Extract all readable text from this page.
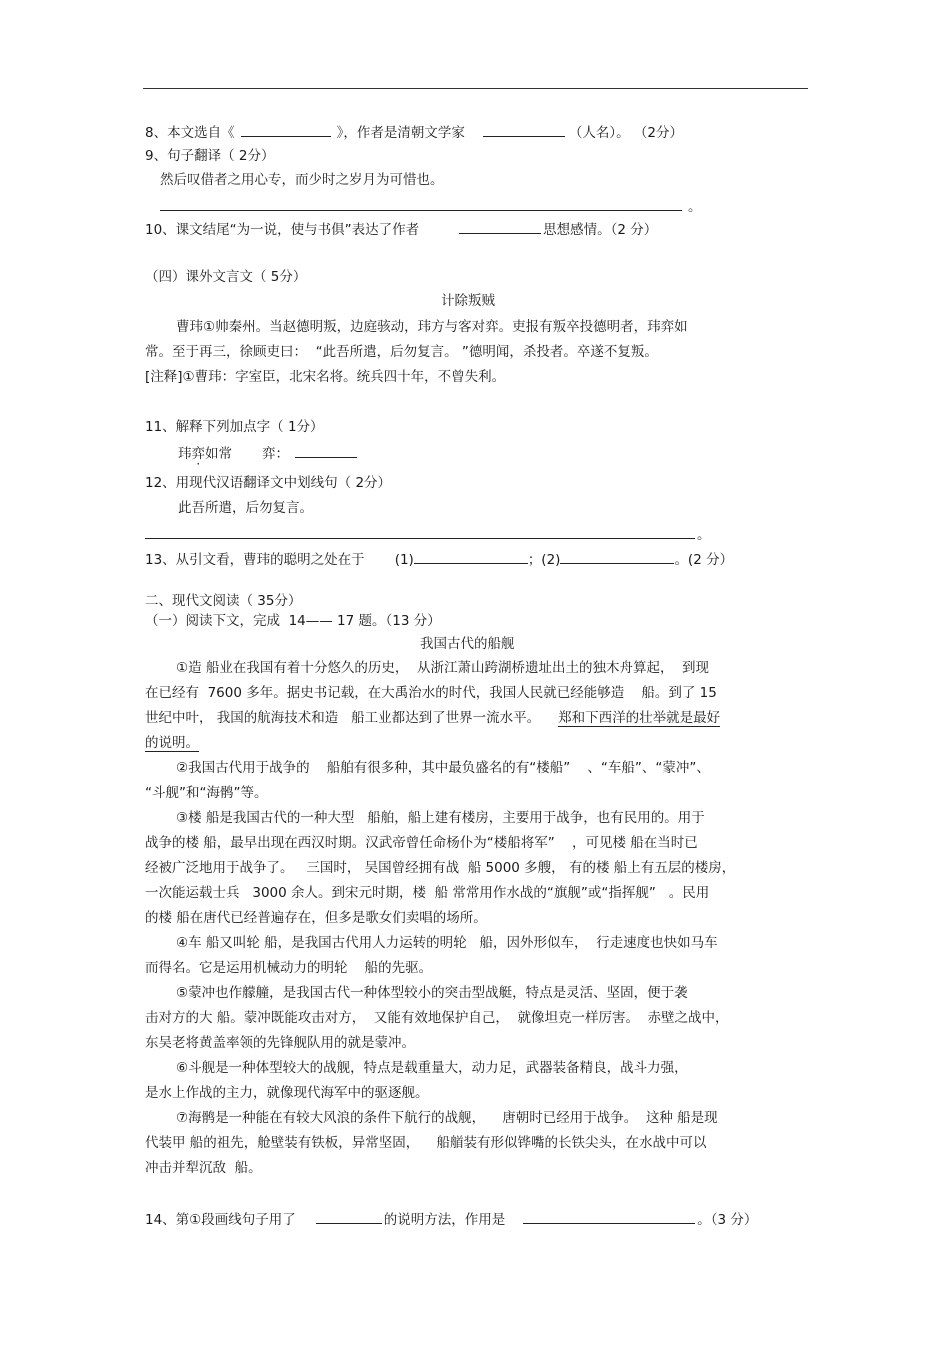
8、本文选自《	》，作者是清朝文学家	（人名）。 （2分）
9、句子翻译（ 2分）
然后叹借者之用心专，而少时之岁月为可惜也。
。
10、课文结尾“为一说，使与书俱”表达了作者	思想感情。（2 分）
（四）课外文言文（ 5分）
计除叛贼
曹玮①帅秦州。当赵德明叛，边庭骇动，玮方与客对弈。吏报有叛卒投德明者，玮弈如
常。至于再三，徐顾吏曰：  “此吾所遣，后勿复言。 ”德明闻，杀投者。卒遂不复叛。
[注释]①曹玮：字室臣，北宋名将。统兵四十年，不曾失利。
11、解释下列加点字（ 1分）
玮弈如常 弈：
12、用现代汉语翻译文中划线句（ 2分）
此吾所遣，后勿复言。
。
13、从引文看，曹玮的聪明之处在于 (1)	；(2)	。(2 分）
二、现代文阅读（ 35分）
（一）阅读下文，完成  14—— 17 题。（13 分）
我国古代的船舰
①造 船业在我国有着十分悠久的历史，  从浙江萧山跨湖桥遗址出土的独木舟算起，  到现
在已经有  7600 多年。据史书记载，在大禹治水的时代，我国人民就已经能够造    船。到了 15
世纪中叶， 我国的航海技术和造   船工业都达到了世界一流水平。 郑和下西洋的壮举就是最好
的说明。
②我国古代用于战争的    船舶有很多种，其中最负盛名的有“楼船”    、“车船”、“蒙冲”、
“斗舰”和“海鹘”等。
③楼 船是我国古代的一种大型   船舶，船上建有楼房，主要用于战争，也有民用的。用于
战争的楼 船，最早出现在西汉时期。汉武帝曾任命杨仆为“楼船将军”    ，可见楼 船在当时已
经被广泛地用于战争了。   三国时， 吴国曾经拥有战  船 5000 多艘， 有的楼 船上有五层的楼房，
一次能运载士兵   3000 余人。到宋元时期，楼  船 常常用作水战的“旗舰”或“指挥舰”   。民用
的楼 船在唐代已经普遍存在，但多是歌女们卖唱的场所。
④车 船又叫轮 船，是我国古代用人力运转的明轮   船，因外形似车，  行走速度也快如马车
而得名。它是运用机械动力的明轮    船的先驱。
⑤蒙冲也作艨艟，是我国古代一种体型较小的突击型战艇，特点是灵活、坚固，便于袭
击对方的大 船。蒙冲既能攻击对方，  又能有效地保护自己，  就像坦克一样厉害。  赤壁之战中，
东吴老将黄盖率领的先锋舰队用的就是蒙冲。
⑥斗舰是一种体型较大的战舰，特点是载重量大，动力足，武器装备精良，战斗力强，
是水上作战的主力，就像现代海军中的驱逐舰。
⑦海鹘是一种能在有较大风浪的条件下航行的战舰，    唐朝时已经用于战争。  这种 船是现
代装甲 船的祖先，舱壁装有铁板，异常坚固，    船艏装有形似铧嘴的长铁尖头，在水战中可以
冲击并犁沉敌  船。
14、第①段画线句子用了	的说明方法，作用是	。（3 分）
